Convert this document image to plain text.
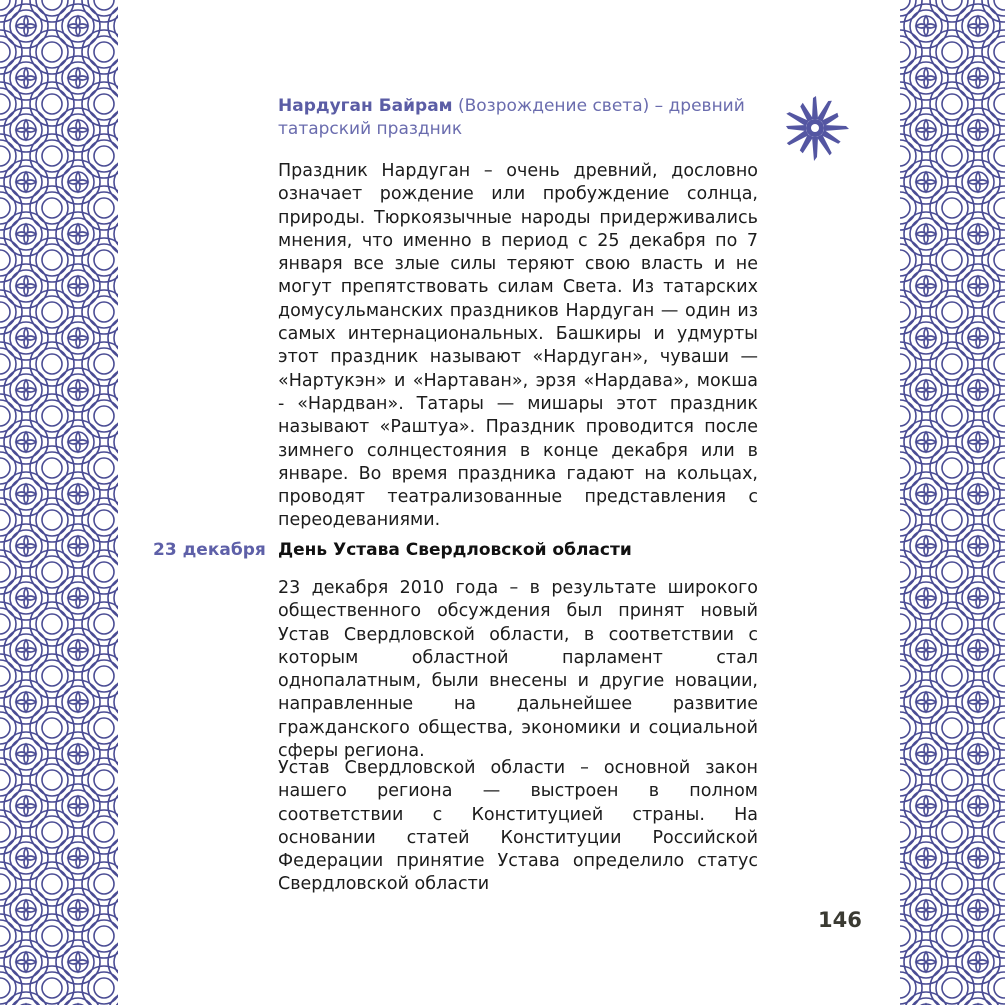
Нардуган Байрам (Возрождение света) – древний татарский праздник
Праздник Нардуган – очень древний, дословно означает рождение или пробуждение солнца, природы. Тюркоязычные народы придерживались мнения, что именно в период с 25 декабря по 7 января все злые силы теряют свою власть и не могут препятствовать силам Света. Из татарских домусульманских праздников Нардуган — один из самых интернациональных. Башкиры и удмурты этот праздник называют «Нардуган», чуваши — «Нартукэн» и «Нартаван», эрзя «Нардава», мокша - «Нардван». Татары — мишары этот праздник называют «Раштуа». Праздник проводится после зимнего солнцестояния в конце декабря или в январе. Во время праздника гадают на кольцах, проводят театрализованные представления с переодеваниями.
23 декабря День Устава Свердловской области
23 декабря 2010 года – в результате широкого общественного обсуждения был принят новый Устав Свердловской области, в соответствии с которым областной парламент стал однопалатным, были внесены и другие новации, направленные на дальнейшее развитие гражданского общества, экономики и социальной сферы региона.
Устав Свердловской области – основной закон нашего региона — выстроен в полном соответствии с Конституцией страны. На основании статей Конституции Российской Федерации принятие Устава определило статус Свердловской области
146
